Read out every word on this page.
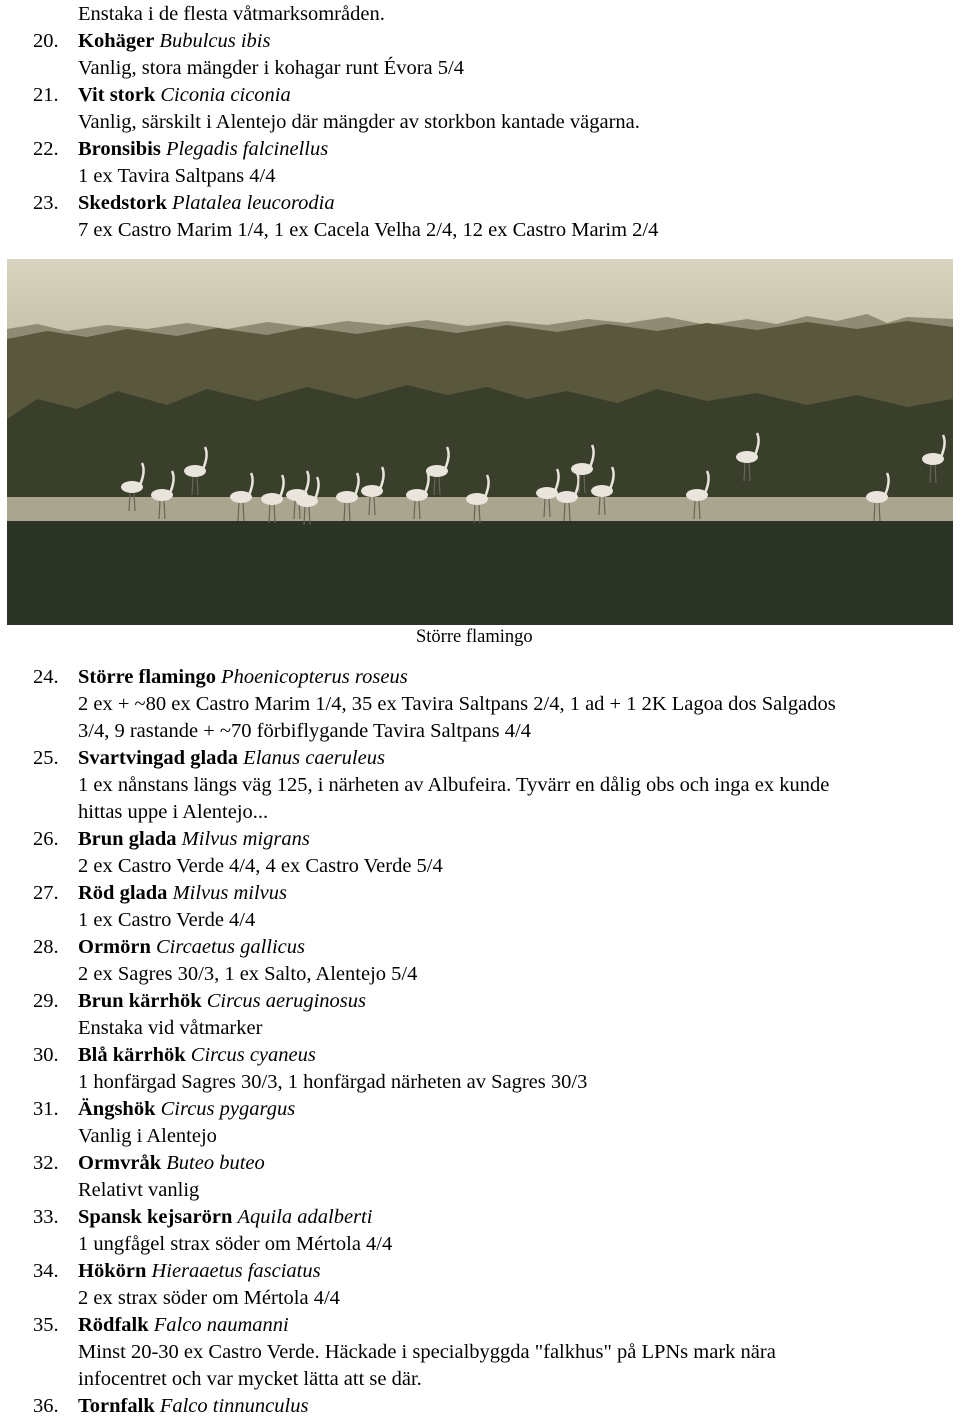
Enstaka i de flesta våtmarksområden.
20. Kohäger Bubulcus ibis
Vanlig, stora mängder i kohagar runt Évora 5/4
21. Vit stork Ciconia ciconia
Vanlig, särskilt i Alentejo där mängder av storkbon kantade vägarna.
22. Bronsibis Plegadis falcinellus
1 ex Tavira Saltpans 4/4
23. Skedstork Platalea leucorodia
7 ex Castro Marim 1/4, 1 ex Cacela Velha 2/4, 12 ex Castro Marim 2/4
Större flamingo
24. Större flamingo Phoenicopterus roseus
2 ex + ~80 ex Castro Marim 1/4, 35 ex Tavira Saltpans 2/4, 1 ad + 1 2K Lagoa dos Salgados
3/4, 9 rastande + ~70 förbiflygande Tavira Saltpans 4/4
25. Svartvingad glada Elanus caeruleus
1 ex nånstans längs väg 125, i närheten av Albufeira. Tyvärr en dålig obs och inga ex kunde
hittas uppe i Alentejo...
26. Brun glada Milvus migrans
2 ex Castro Verde 4/4, 4 ex Castro Verde 5/4
27. Röd glada Milvus milvus
1 ex Castro Verde 4/4
28. Ormörn Circaetus gallicus
2 ex Sagres 30/3, 1 ex Salto, Alentejo 5/4
29. Brun kärrhök Circus aeruginosus
Enstaka vid våtmarker
30. Blå kärrhök Circus cyaneus
1 honfärgad Sagres 30/3, 1 honfärgad närheten av Sagres 30/3
31. Ängshök Circus pygargus
Vanlig i Alentejo
32. Ormvråk Buteo buteo
Relativt vanlig
33. Spansk kejsarörn Aquila adalberti
1 ungfågel strax söder om Mértola 4/4
34. Hökörn Hieraaetus fasciatus
2 ex strax söder om Mértola 4/4
35. Rödfalk Falco naumanni
Minst 20-30 ex Castro Verde. Häckade i specialbyggda "falkhus" på LPNs mark nära
infocentret och var mycket lätta att se där.
36. Tornfalk Falco tinnunculus
